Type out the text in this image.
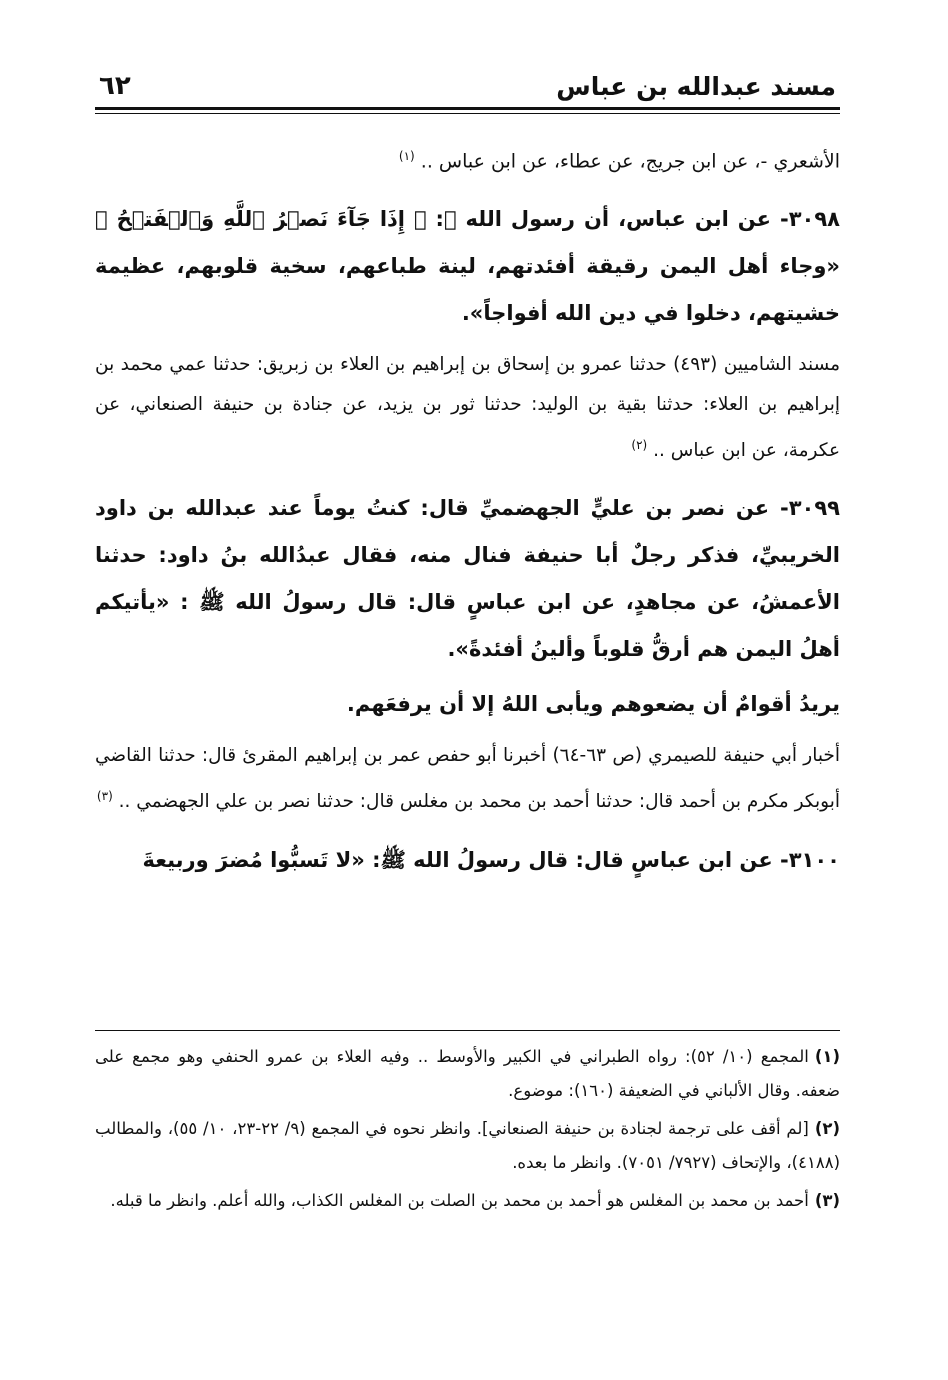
مسند عبدالله بن عباس
٦٢

الأشعري -، عن ابن جريج، عن عطاء، عن ابن عباس .. $^{(١)}$

٣٠٩٨- عن ابن عباس، أن رسول الله ﷺ: ﴿ إِذَا جَآءَ نَصۡرُ ٱللَّهِ وَٱلۡفَتۡحُ ﴾ «وجاء أهل اليمن رقيقة أفئدتهم، لينة طباعهم، سخية قلوبهم، عظيمة خشيتهم، دخلوا في دين الله أفواجاً».

مسند الشاميين (٤٩٣) حدثنا عمرو بن إسحاق بن إبراهيم بن العلاء بن زبريق: حدثنا عمي محمد بن إبراهيم بن العلاء: حدثنا بقية بن الوليد: حدثنا ثور بن يزيد، عن جنادة بن حنيفة الصنعاني، عن عكرمة، عن ابن عباس .. $^{(٢)}$

٣٠٩٩- عن نصر بن عليٍّ الجهضميِّ قال: كنتُ يوماً عند عبدالله بن داود الخريبيِّ، فذكر رجلٌ أبا حنيفة فنال منه، فقال عبدُالله بنُ داود: حدثنا الأعمشُ، عن مجاهدٍ، عن ابن عباسٍ قال: قال رسولُ الله ﷺ : «يأتيكم أهلُ اليمن هم أرقُّ قلوباً وألينُ أفئدةً».

يريدُ أقوامٌ أن يضعوهم ويأبى اللهُ إلا أن يرفعَهم.

أخبار أبي حنيفة للصيمري (ص ٦٣-٦٤) أخبرنا أبو حفص عمر بن إبراهيم المقرئ قال: حدثنا القاضي أبوبكر مكرم بن أحمد قال: حدثنا أحمد بن محمد بن مغلس قال: حدثنا نصر بن علي الجهضمي .. $^{(٣)}$

٣١٠٠- عن ابن عباسٍ قال: قال رسولُ الله ﷺ: «لا تَسبُّوا مُضرَ وربيعةَ

(١)المجمع (١٠/ ٥٢): رواه الطبراني في الكبير والأوسط .. وفيه العلاء بن عمرو الحنفي وهو مجمع على ضعفه. وقال الألباني في الضعيفة (١٦٠): موضوع.

(٢)[لم أقف على ترجمة لجنادة بن حنيفة الصنعاني]. وانظر نحوه في المجمع (٩/ ٢٢-٢٣، ١٠/ ٥٥)، والمطالب (٤١٨٨)، والإتحاف (٧٩٢٧/ ٧٠٥١). وانظر ما بعده.

(٣)أحمد بن محمد بن المغلس هو أحمد بن محمد بن الصلت بن المغلس الكذاب، والله أعلم. وانظر ما قبله.
